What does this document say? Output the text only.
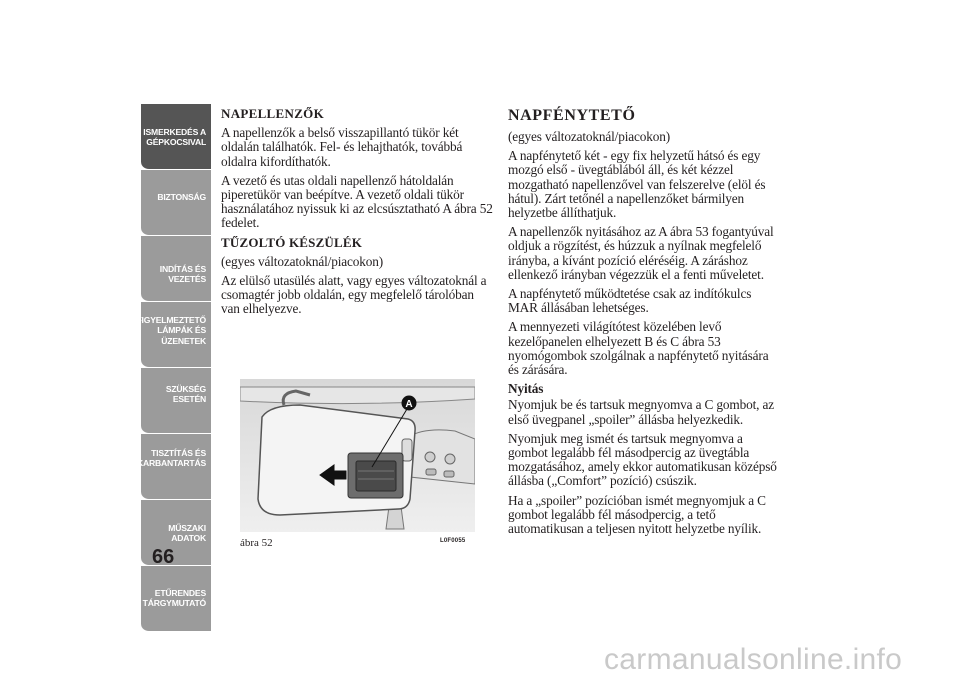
ISMERKEDÉS A
GÉPKOCSIVAL
BIZTONSÁG
INDÍTÁS ÉS
VEZETÉS
FIGYELMEZTETŐ
LÁMPÁK ÉS
ÜZENETEK
SZÜKSÉG ESETÉN
TISZTÍTÁS ÉS
KARBANTARTÁS
MŰSZAKI ADATOK
ETŰRENDES
TÁRGYMUTATÓ
66

NAPELLENZŐK

A napellenzők a belső visszapillantó tükör két oldalán találhatók. Fel- és lehajthatók, továbbá oldalra kifordíthatók.

A vezető és utas oldali napellenző hátoldalán piperetükör van beépítve. A vezető oldali tükör használatához nyissuk ki az elcsúsztatható A ábra 52 fedelet.

TŰZOLTÓ KÉSZÜLÉK

(egyes változatoknál/piacokon)

Az elülső utasülés alatt, vagy egyes változatoknál a csomagtér jobb oldalán, egy megfelelő tárolóban van elhelyezve.

NAPFÉNYTETŐ

(egyes változatoknál/piacokon)

A napfénytető két - egy fix helyzetű hátsó és egy mozgó első - üvegtáblából áll, és két kézzel mozgatható napellenzővel van felszerelve (elöl és hátul). Zárt tetőnél a napellenzőket bármilyen helyzetbe állíthatjuk.

A napellenzők nyitásához az A ábra 53 fogantyúval oldjuk a rögzítést, és húzzuk a nyílnak megfelelő irányba, a kívánt pozíció eléréséig. A záráshoz ellenkező irányban végezzük el a fenti műveletet.

A napfénytető működtetése csak az indítókulcs MAR állásában lehetséges.

A mennyezeti világítótest közelében levő kezelőpanelen elhelyezett B és C ábra 53 nyomógombok szolgálnak a napfénytető nyitására és zárására.

Nyitás

Nyomjuk be és tartsuk megnyomva a C gombot, az első üvegpanel „spoiler” állásba helyezkedik.

Nyomjuk meg ismét és tartsuk megnyomva a gombot legalább fél másodpercig az üvegtábla mozgatásához, amely ekkor automatikusan középső állásba („Comfort” pozíció) csúszik.

Ha a „spoiler” pozícióban ismét megnyomjuk a C gombot legalább fél másodpercig, a tető automatikusan a teljesen nyitott helyzetbe nyílik.

A
ábra 52	L0F0055
carmanualsonline.info
